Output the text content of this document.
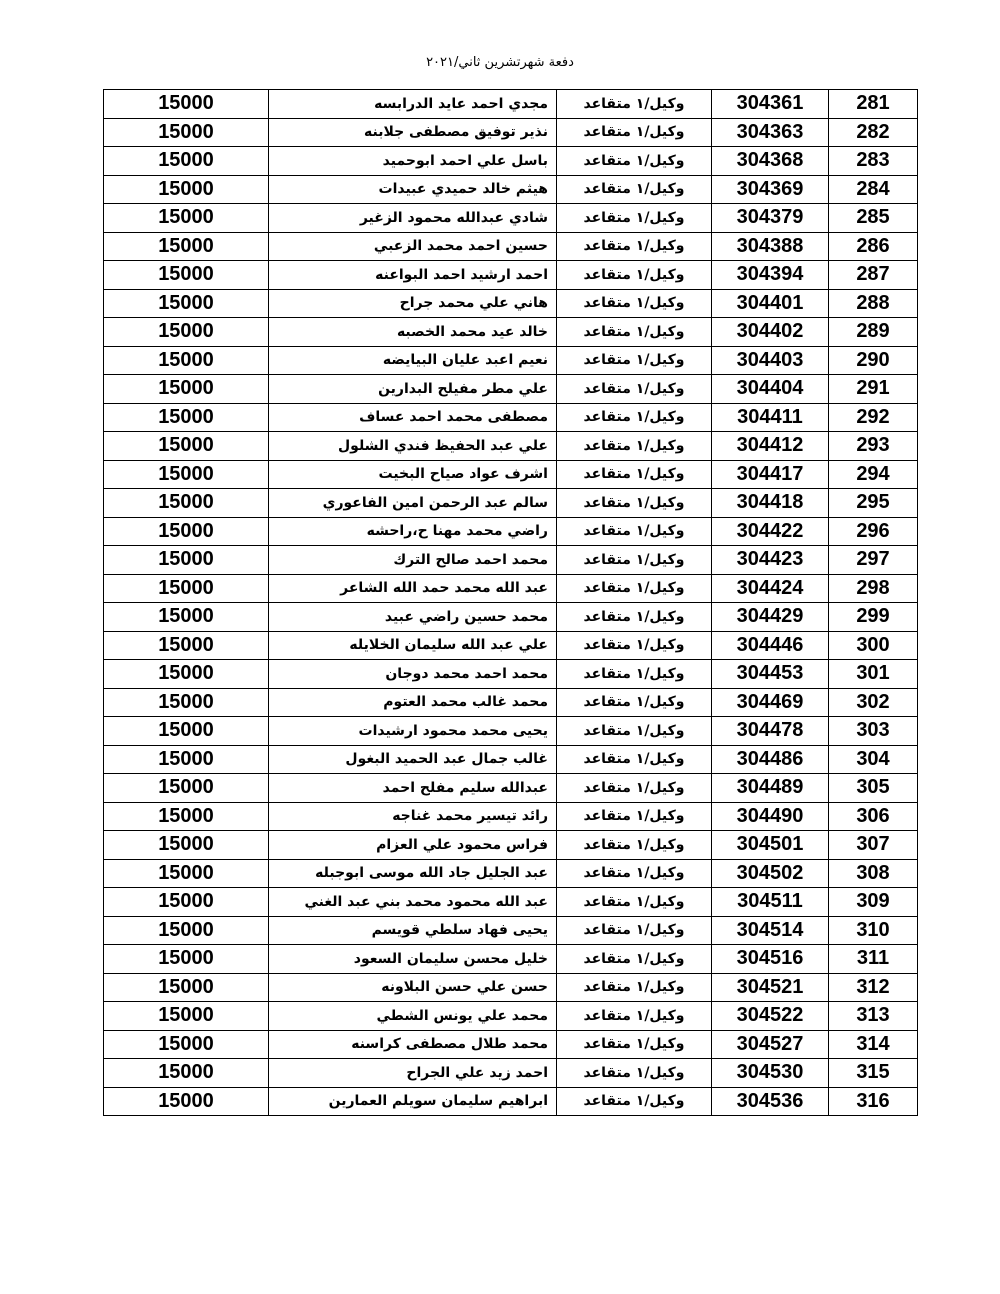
دفعة شهرتشرين ثاني/٢٠٢١
281	304361	وكيل/١ متقاعد	مجدي احمد عايد الدرابسه	15000
282	304363	وكيل/١ متقاعد	نذير توفيق مصطفى جلابنه	15000
283	304368	وكيل/١ متقاعد	باسل علي احمد ابوحميد	15000
284	304369	وكيل/١ متقاعد	هيثم خالد حميدي عبيدات	15000
285	304379	وكيل/١ متقاعد	شادي عبدالله محمود الزغير	15000
286	304388	وكيل/١ متقاعد	حسين احمد محمد الزعبي	15000
287	304394	وكيل/١ متقاعد	احمد ارشيد احمد البواعنه	15000
288	304401	وكيل/١ متقاعد	هاني علي محمد جراح	15000
289	304402	وكيل/١ متقاعد	خالد عيد محمد الخصبه	15000
290	304403	وكيل/١ متقاعد	نعيم اعبد عليان البيايضه	15000
291	304404	وكيل/١ متقاعد	علي مطر مفيلح البدارين	15000
292	304411	وكيل/١ متقاعد	مصطفى محمد احمد عساف	15000
293	304412	وكيل/١ متقاعد	علي عبد الحفيظ فندي الشلول	15000
294	304417	وكيل/١ متقاعد	اشرف عواد صياح البخيت	15000
295	304418	وكيل/١ متقاعد	سالم عبد الرحمن امين الفاعوري	15000
296	304422	وكيل/١ متقاعد	راضي محمد مهنا ح،راحشه	15000
297	304423	وكيل/١ متقاعد	محمد احمد صالح الترك	15000
298	304424	وكيل/١ متقاعد	عبد الله محمد حمد الله الشاعر	15000
299	304429	وكيل/١ متقاعد	محمد حسين راضي عبيد	15000
300	304446	وكيل/١ متقاعد	علي عبد الله سليمان الخلايله	15000
301	304453	وكيل/١ متقاعد	محمد احمد محمد دوجان	15000
302	304469	وكيل/١ متقاعد	محمد غالب محمد العتوم	15000
303	304478	وكيل/١ متقاعد	يحيى محمد محمود ارشيدات	15000
304	304486	وكيل/١ متقاعد	غالب جمال عبد الحميد البغول	15000
305	304489	وكيل/١ متقاعد	عبدالله سليم مفلح احمد	15000
306	304490	وكيل/١ متقاعد	رائد تيسير محمد غناجه	15000
307	304501	وكيل/١ متقاعد	فراس محمود علي العزام	15000
308	304502	وكيل/١ متقاعد	عبد الجليل جاد الله موسى ابوجبله	15000
309	304511	وكيل/١ متقاعد	عبد الله محمود محمد بني عبد الغني	15000
310	304514	وكيل/١ متقاعد	يحيى فهاد سلطي قويسم	15000
311	304516	وكيل/١ متقاعد	خليل محسن سليمان السعود	15000
312	304521	وكيل/١ متقاعد	حسن علي حسن البلاونه	15000
313	304522	وكيل/١ متقاعد	محمد علي يونس الشطي	15000
314	304527	وكيل/١ متقاعد	محمد طلال مصطفى كراسنه	15000
315	304530	وكيل/١ متقاعد	احمد زيد علي الجراح	15000
316	304536	وكيل/١ متقاعد	ابراهيم سليمان سويلم العمارين	15000
